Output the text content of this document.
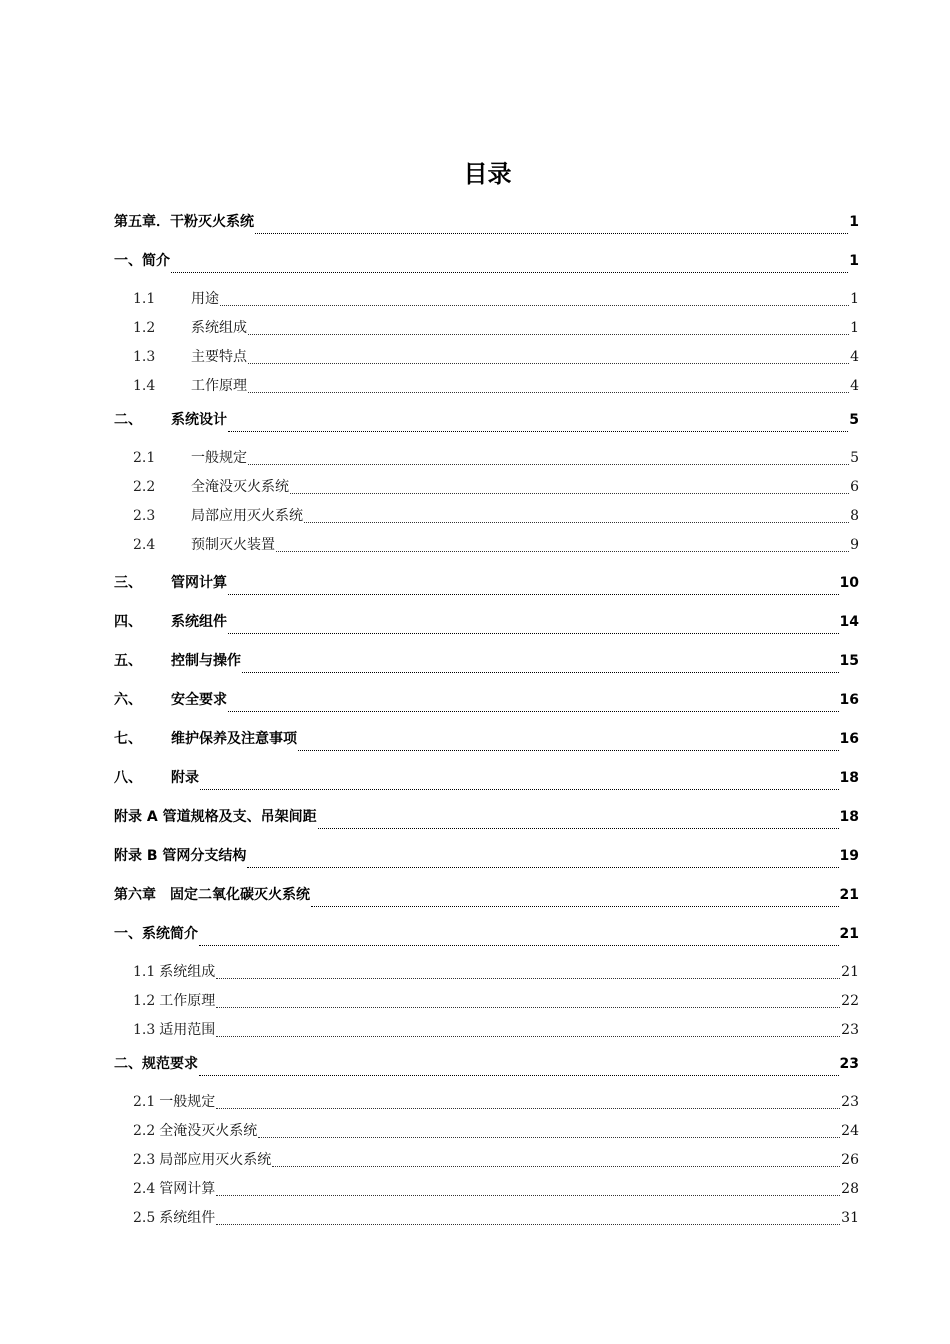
目录
第五章．干粉灭火系统	1
一、简介	1
1.1	用途	1
1.2	系统组成	1
1.3	主要特点	4
1.4	工作原理	4
二、	系统设计	5
2.1	一般规定	5
2.2	全淹没灭火系统	6
2.3	局部应用灭火系统	8
2.4	预制灭火装置	9
三、	管网计算	10
四、	系统组件	14
五、	控制与操作	15
六、	安全要求	16
七、	维护保养及注意事项	16
八、	附录	18
附录 A 管道规格及支、吊架间距	18
附录 B 管网分支结构	19
第六章　固定二氧化碳灭火系统	21
一、系统简介	21
1.1 系统组成	21
1.2 工作原理	22
1.3 适用范围	23
二、规范要求	23
2.1 一般规定	23
2.2 全淹没灭火系统	24
2.3 局部应用灭火系统	26
2.4 管网计算	28
2.5 系统组件	31
